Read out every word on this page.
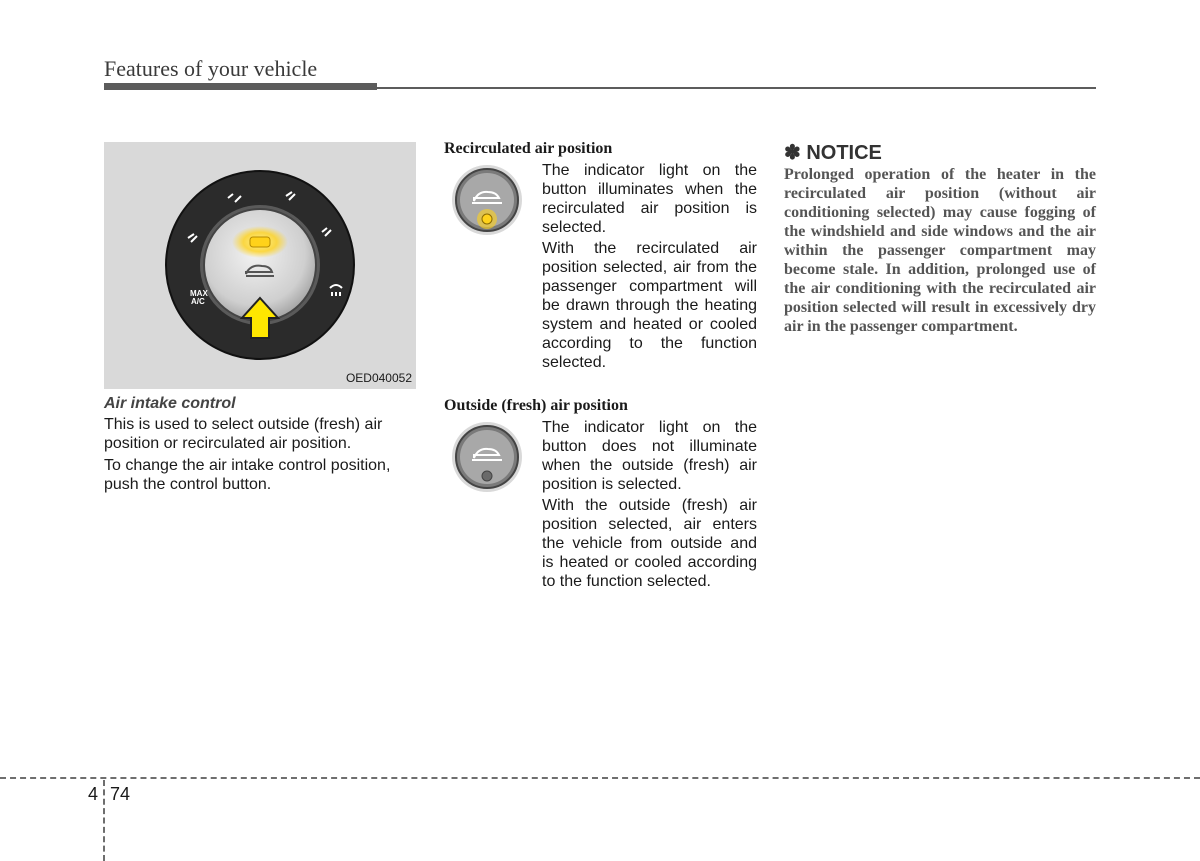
Features of your vehicle
MAX
A/C
OED040052
Air intake control
This is used to select outside (fresh) air position or recirculated air position.
To change the air intake control position, push the control button.
Recirculated air position
The indicator light on the button illuminates when the recirculated air position is selected.
With the recirculated air position selected, air from the passenger compartment will be drawn through the heating system and heated or cooled according to the function selected.
Outside (fresh) air position
The indicator light on the button does not illuminate when the outside (fresh) air position is selected.
With the outside (fresh) air position selected, air enters the vehicle from outside and is heated or cooled according to the function selected.
✽ NOTICE
Prolonged operation of the heater in the recirculated air position (without air conditioning selected) may cause fogging of the windshield and side windows and the air within the passenger compartment may become stale. In addition, prolonged use of the air conditioning with the recirculated air position selected will result in excessively dry air in the passenger compartment.
4 74
